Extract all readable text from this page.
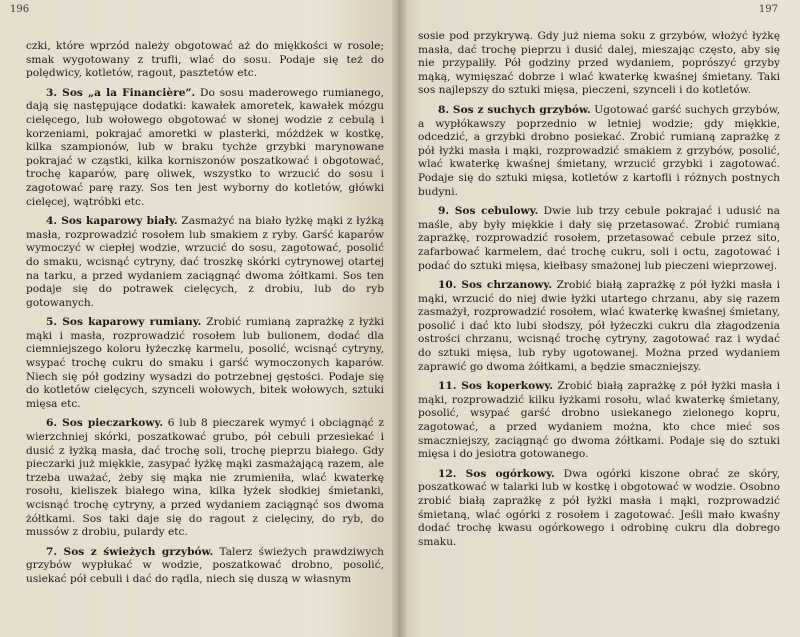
196

czki, które wprzód należy obgotować aż do miękkości w rosole; smak wygotowany z trufli, wlać do sosu. Podaje się też do polędwicy, kotletów, ragout, pasztetów etc.

3. Sos „a la Financière”. Do sosu maderowego rumianego, dają się następujące dodatki: kawałek amoretek, kawałek mózgu cielęcego, lub wołowego obgotować w słonej wodzie z cebulą i korzeniami, pokrajać amoretki w plasterki, móżdżek w kostkę, kilka szampionów, lub w braku tychże grzybki marynowane pokrajać w cząstki, kilka korniszonów poszatkować i obgotować, trochę kaparów, parę oliwek, wszystko to wrzucić do sosu i zagotować parę razy. Sos ten jest wyborny do kotletów, główki cielęcej, wątróbki etc.

4. Sos kaparowy biały. Zasmażyć na biało łyżkę mąki z łyżką masła, rozprowadzić rosołem lub smakiem z ryby. Garść kaparów wymoczyć w ciepłej wodzie, wrzucić do sosu, zagotować, posolić do smaku, wcisnąć cytryny, dać troszkę skórki cytrynowej otartej na tarku, a przed wydaniem zaciągnąć dwoma żółtkami. Sos ten podaje się do potrawek cielęcych, z drobiu, lub do ryb gotowanych.

5. Sos kaparowy rumiany. Zrobić rumianą zaprażkę z łyżki mąki i masła, rozprowadzić rosołem lub bulionem, dodać dla ciemniejszego koloru łyżeczkę karmelu, posolić, wcisnąć cytryny, wsypać trochę cukru do smaku i garść wymoczonych kaparów. Niech się pół godziny wysadzi do potrzebnej gęstości. Podaje się do kotletów cielęcych, szynceli wołowych, bitek wołowych, sztuki mięsa etc.

6. Sos pieczarkowy. 6 lub 8 pieczarek wymyć i obciągnąć z wierzchniej skórki, poszatkować grubo, pół cebuli przesiekać i dusić z łyżką masła, dać trochę soli, trochę pieprzu białego. Gdy pieczarki już miękkie, zasypać łyżkę mąki zasmażającą razem, ale trzeba uważać, żeby się mąka nie zrumieniła, wlać kwaterkę rosołu, kieliszek białego wina, kilka łyżek słodkiej śmietanki, wcisnąć trochę cytryny, a przed wydaniem zaciągnąć sos dwoma żółtkami. Sos taki daje się do ragout z cielęciny, do ryb, do mussów z drobiu, pulardy etc.

7. Sos z świeżych grzybów. Talerz świeżych prawdziwych grzybów wypłukać w wodzie, poszatkować drobno, posolić, usiekać pół cebuli i dać do rądla, niech się duszą w własnym

197

sosie pod przykrywą. Gdy już niema soku z grzybów, włożyć łyżkę masła, dać trochę pieprzu i dusić dalej, mieszając często, aby się nie przypaliły. Pół godziny przed wydaniem, poprószyć grzyby mąką, wymięszać dobrze i wlać kwaterkę kwaśnej śmietany. Taki sos najlepszy do sztuki mięsa, pieczeni, szynceli i do kotletów.

8. Sos z suchych grzybów. Ugotować garść suchych grzybów, a wypłókawszy poprzednio w letniej wodzie; gdy miękkie, odcedzić, a grzybki drobno posiekać. Zrobić rumianą zaprażkę z pół łyżki masła i mąki, rozprowadzić smakiem z grzybów, posolić, wlać kwaterkę kwaśnej śmietany, wrzucić grzybki i zagotować. Podaje się do sztuki mięsa, kotletów z kartofli i różnych postnych budyni.

9. Sos cebulowy. Dwie lub trzy cebule pokrajać i udusić na maśle, aby były miękkie i dały się przetasować. Zrobić rumianą zaprażkę, rozprowadzić rosołem, przetasować cebule przez sito, zafarbować karmelem, dać trochę cukru, soli i octu, zagotować i podać do sztuki mięsa, kiełbasy smażonej lub pieczeni wieprzowej.

10. Sos chrzanowy. Zrobić białą zaprażkę z pół łyżki masła i mąki, wrzucić do niej dwie łyżki utartego chrzanu, aby się razem zasmażył, rozprowadzić rosołem, wlać kwaterkę kwaśnej śmietany, posolić i dać kto lubi słodszy, pół łyżeczki cukru dla złagodzenia ostrości chrzanu, wcisnąć trochę cytryny, zagotować raz i wydać do sztuki mięsa, lub ryby ugotowanej. Można przed wydaniem zaprawić go dwoma żółtkami, a będzie smaczniejszy.

11. Sos koperkowy. Zrobić białą zaprażkę z pół łyżki masła i mąki, rozprowadzić kilku łyżkami rosołu, wlać kwaterkę śmietany, posolić, wsypać garść drobno usiekanego zielonego kopru, zagotować, a przed wydaniem można, kto chce mieć sos smaczniejszy, zaciągnąć go dwoma żółtkami. Podaje się do sztuki mięsa i do jesiotra gotowanego.

12. Sos ogórkowy. Dwa ogórki kiszone obrać ze skóry, poszatkować w talarki lub w kostkę i obgotować w wodzie. Osobno zrobić białą zaprażkę z pół łyżki masła i mąki, rozprowadzić śmietaną, wlać ogórki z rosołem i zagotować. Jeśli mało kwaśny dodać trochę kwasu ogórkowego i odrobinę cukru dla dobrego smaku.
